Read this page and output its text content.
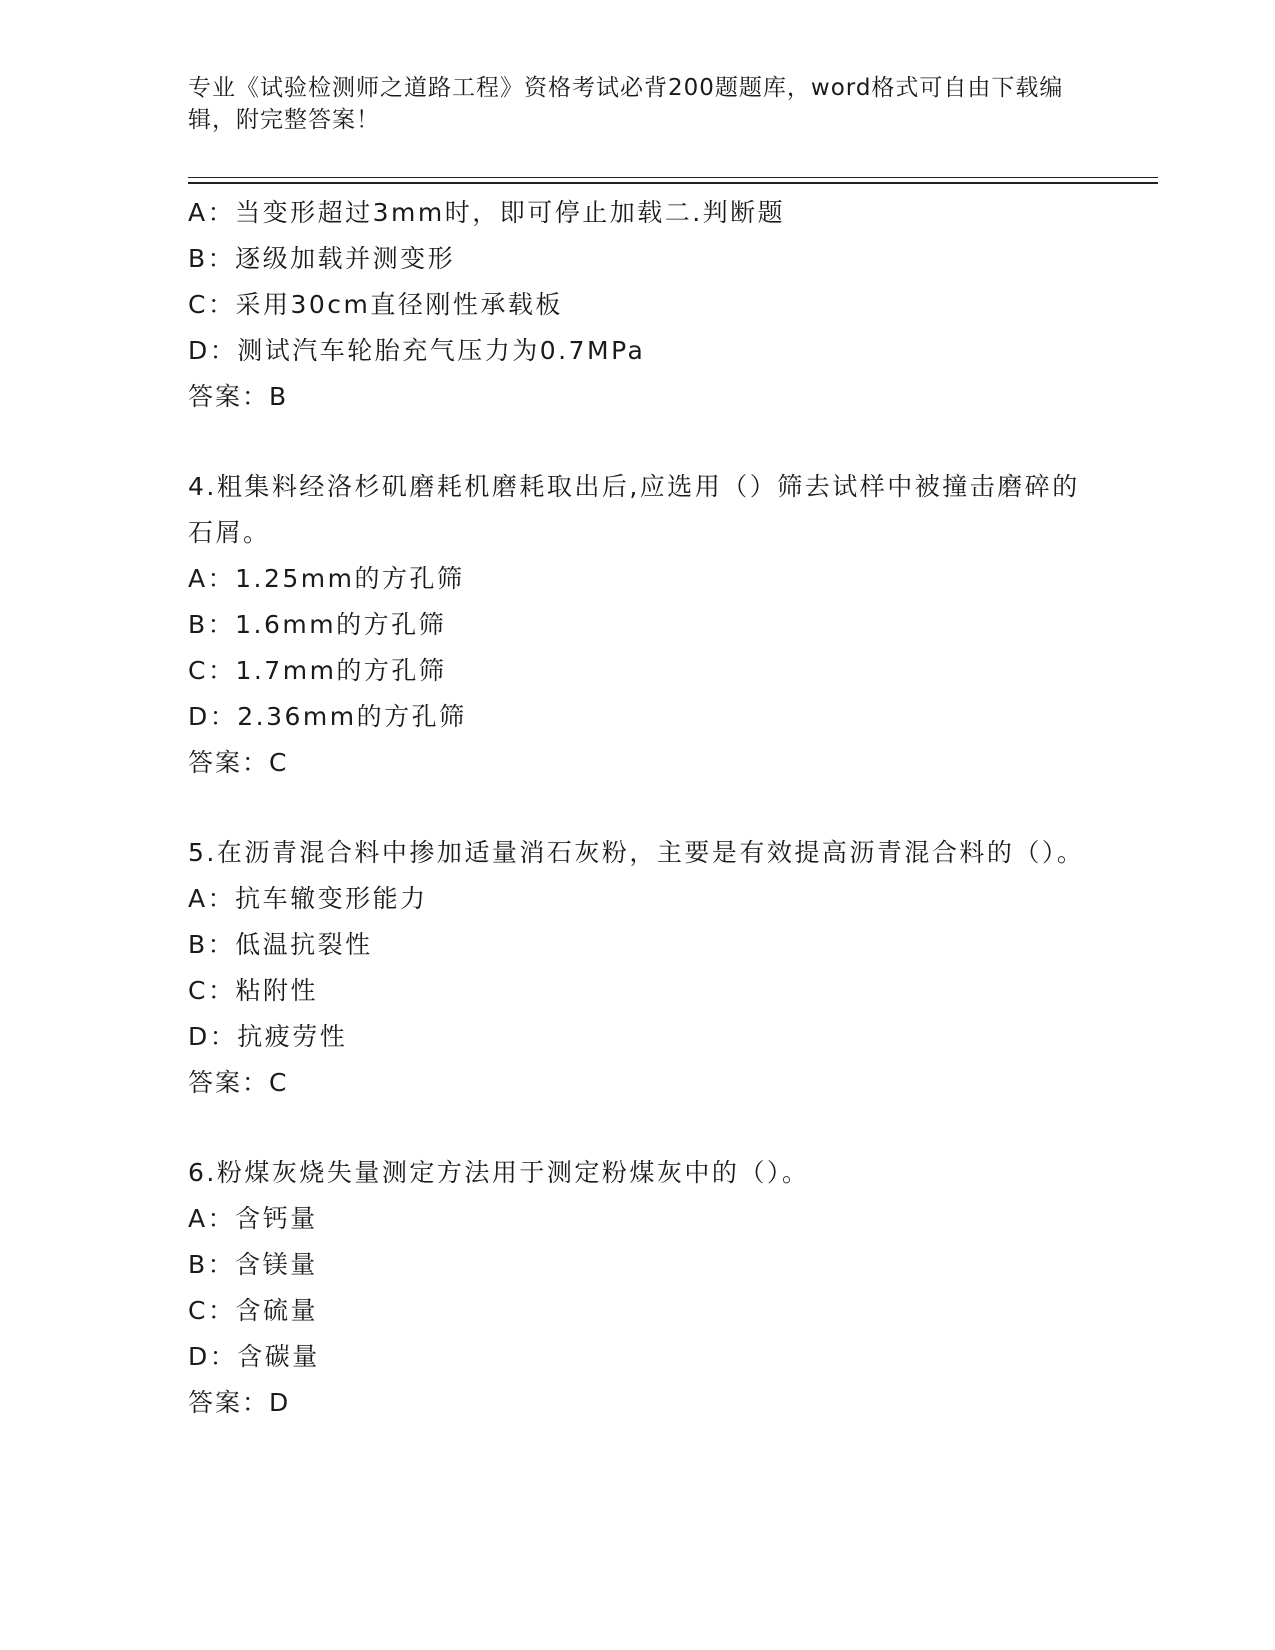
专业《试验检测师之道路工程》资格考试必背200题题库，word格式可自由下载编辑，附完整答案！
A：当变形超过3mm时，即可停止加载二.判断题
B：逐级加载并测变形
C：采用30cm直径刚性承载板
D：测试汽车轮胎充气压力为0.7MPa
答案：B
4.粗集料经洛杉矶磨耗机磨耗取出后,应选用（）筛去试样中被撞击磨碎的石屑。
A：1.25mm的方孔筛
B：1.6mm的方孔筛
C：1.7mm的方孔筛
D：2.36mm的方孔筛
答案：C
5.在沥青混合料中掺加适量消石灰粉，主要是有效提高沥青混合料的（）。
A：抗车辙变形能力
B：低温抗裂性
C：粘附性
D：抗疲劳性
答案：C
6.粉煤灰烧失量测定方法用于测定粉煤灰中的（）。
A：含钙量
B：含镁量
C：含硫量
D：含碳量
答案：D
